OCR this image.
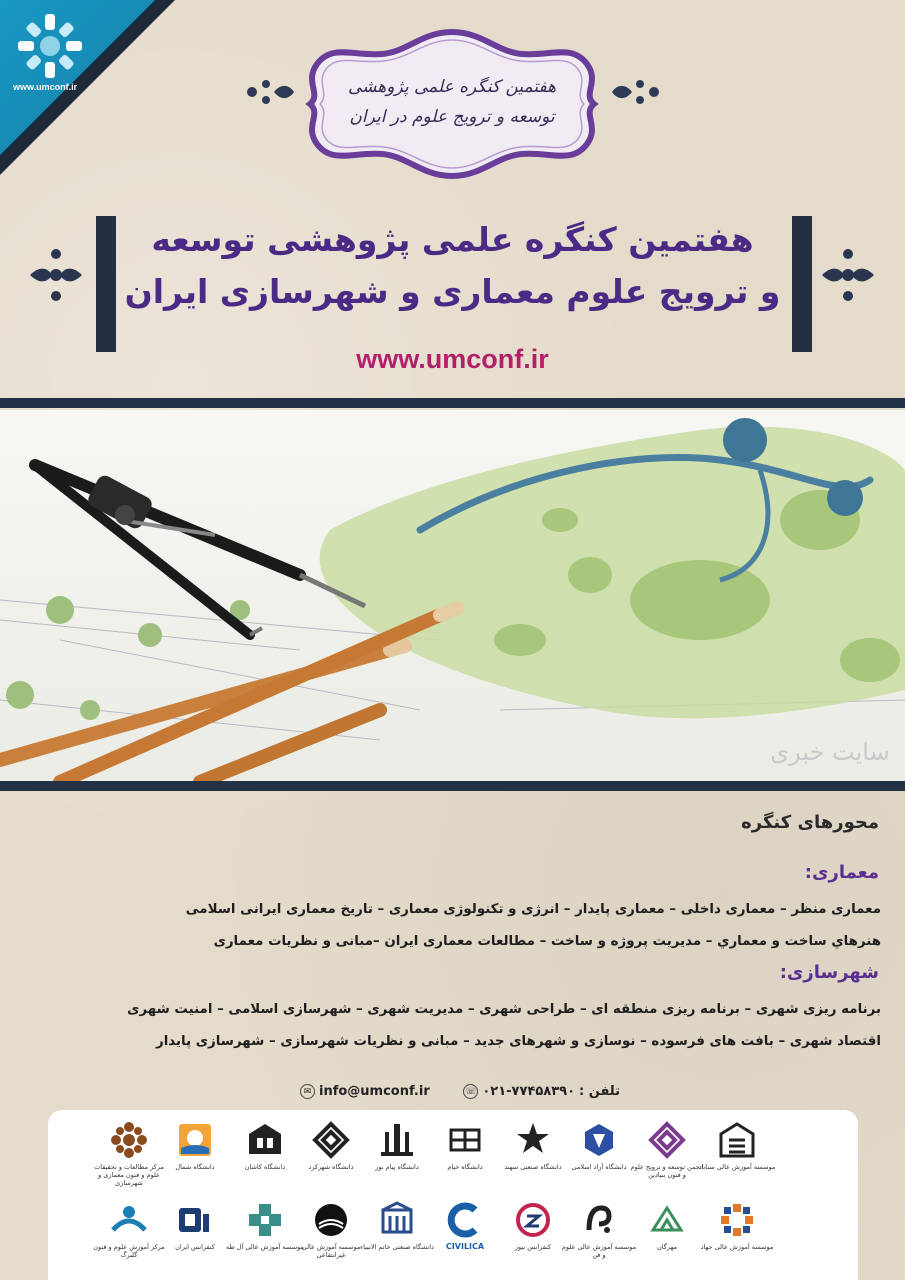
www.umconf.ir	هفتمین کنگره علمی پژوهشی
توسعه و ترویج علوم در ایران
هفتمین کنگره علمی پژوهشی توسعه
و ترویج علوم معماری و شهرسازی ایران
www.umconf.ir
سایت خبری
محورهای کنگره
معماری:
معماری منظر – معماری داخلی – معماری پایدار – انرژی و تکنولوژی معماری – تاریخ معماری ایرانی اسلامی
هنرهاي ساخت و معماري – مدیریت پروژه و ساخت – مطالعات معماری ایران –مبانی و نظریات معماری
شهرسازی:
برنامه ریزی شهری – برنامه ریزی منطقه ای – طراحی شهری – مدیریت شهری – شهرسازی اسلامی – امنیت شهری
اقتصاد شهری – بافت های فرسوده – نوسازی و شهرهای جدید – مبانی و نظریات شهرسازی – شهرسازی پایدار
✉ info@umconf.ir	تلفن :
۰۲۱-۷۷۴۵۸۳۹۰
☏
مرکز مطالعات و تحقیقات علوم و فنون معماری و شهرسازی
دانشگاه شمال	دانشگاه کاشان	دانشگاه شهرکرد	دانشگاه پیام نور	دانشگاه خیام	دانشگاه صنعتی سهند	دانشگاه آزاد اسلامی انجمن توسعه و ترویج علوم و فنون بنیادین
موسسه آموزش عالی سناباد
مرکز آموزش علوم و فنون گلبرگ
کنفرانس ایران	موسسه آموزش عالی آل طه
موسسه آموزش عالی غیرانتفاعی
دانشگاه صنعتی خاتم الانبیاء	CIVILICA	کنفرانس نیوز	موسسه آموزش عالی علوم و فن
مهرگان	موسسه آموزش عالی جهاد
